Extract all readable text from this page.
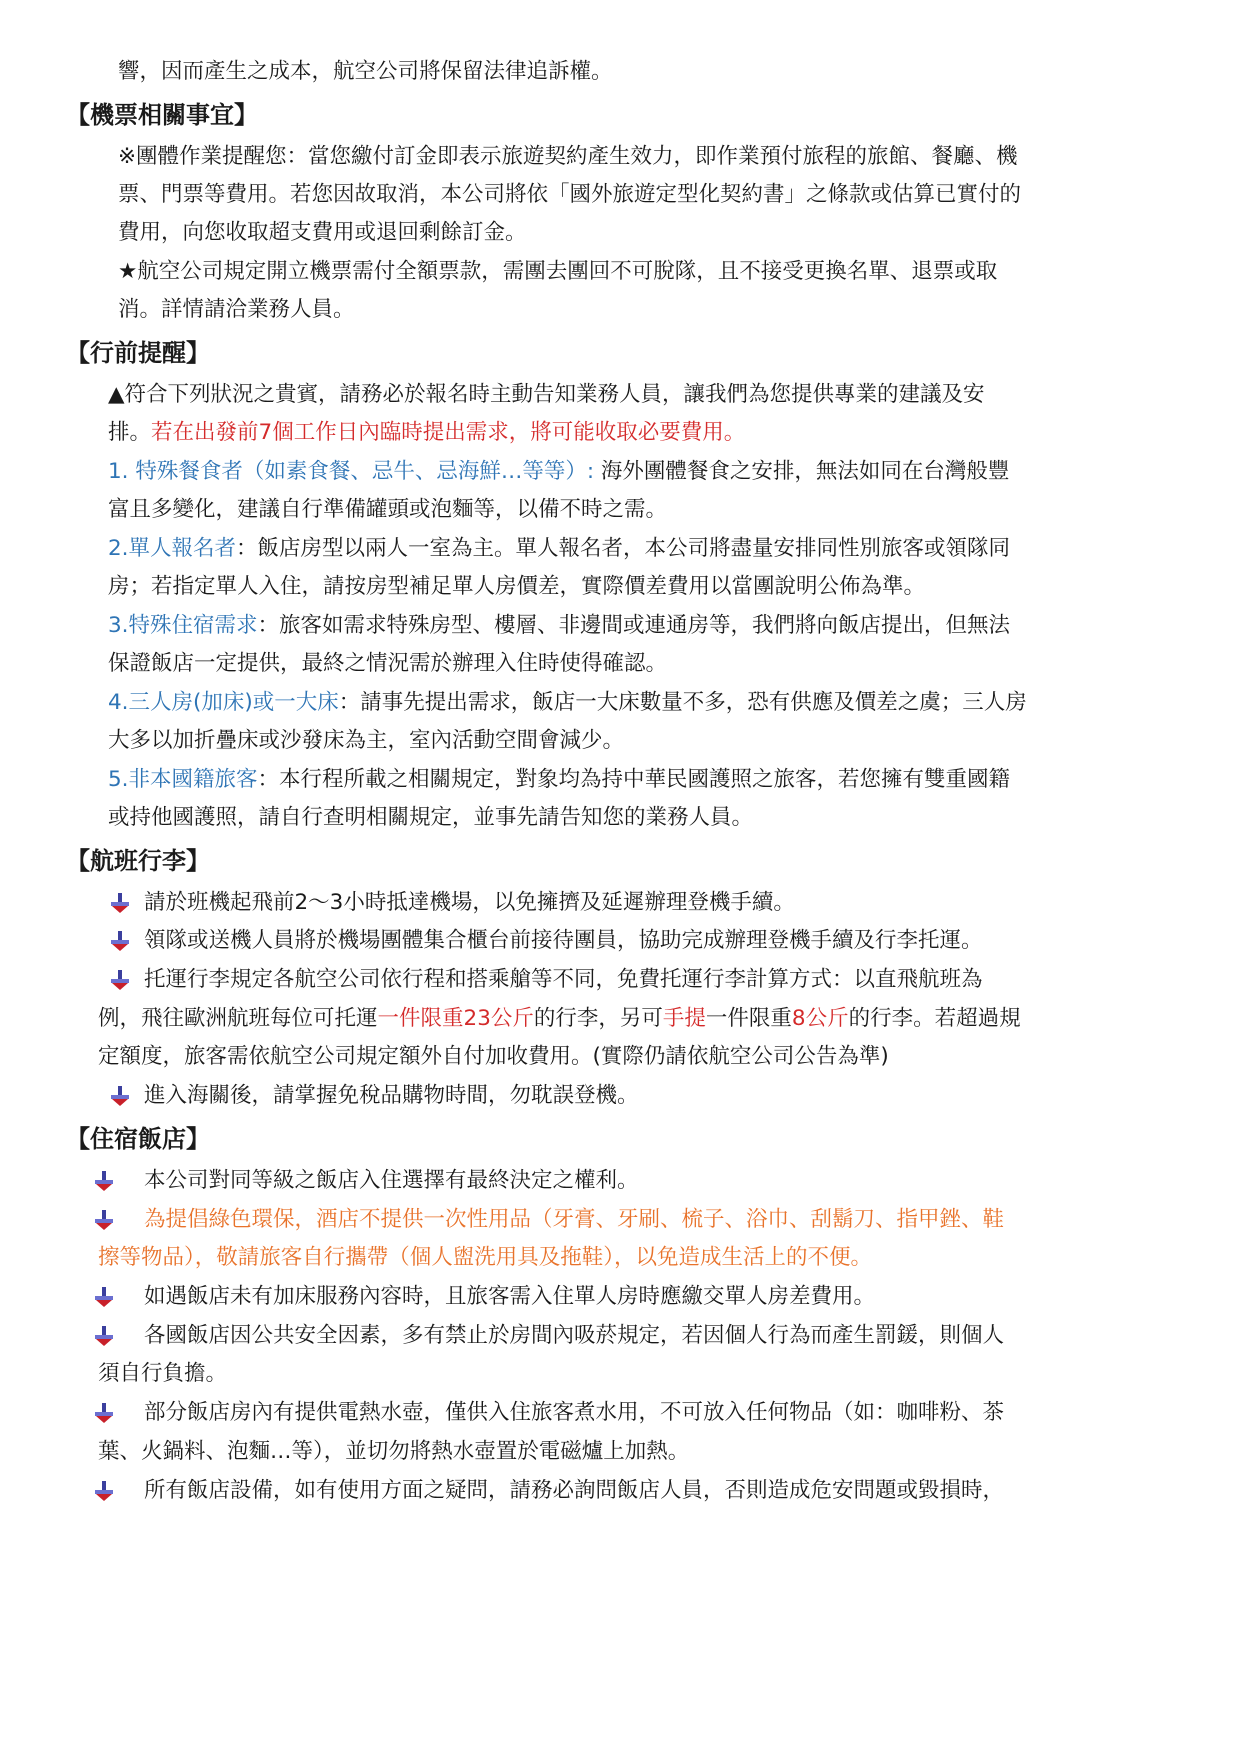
響，因而產生之成本，航空公司將保留法律追訴權。
【機票相關事宜】
※團體作業提醒您：當您繳付訂金即表示旅遊契約產生效力，即作業預付旅程的旅館、餐廳、機
票、門票等費用。若您因故取消，本公司將依「國外旅遊定型化契約書」之條款或估算已實付的
費用，向您收取超支費用或退回剩餘訂金。
★航空公司規定開立機票需付全額票款，需團去團回不可脫隊，且不接受更換名單、退票或取
消。詳情請洽業務人員。
【行前提醒】
▲符合下列狀況之貴賓，請務必於報名時主動告知業務人員，讓我們為您提供專業的建議及安
排。若在出發前7個工作日內臨時提出需求，將可能收取必要費用。
1. 特殊餐食者（如素食餐、忌牛、忌海鮮…等等）: 海外團體餐食之安排，無法如同在台灣般豐
富且多變化，建議自行準備罐頭或泡麵等，以備不時之需。
2.單人報名者：飯店房型以兩人一室為主。單人報名者，本公司將盡量安排同性別旅客或領隊同
房；若指定單人入住，請按房型補足單人房價差，實際價差費用以當團說明公佈為準。
3.特殊住宿需求：旅客如需求特殊房型、樓層、非邊間或連通房等，我們將向飯店提出，但無法
保證飯店一定提供，最終之情況需於辦理入住時使得確認。
4.三人房(加床)或一大床：請事先提出需求，飯店一大床數量不多，恐有供應及價差之虞；三人房
大多以加折疊床或沙發床為主，室內活動空間會減少。
5.非本國籍旅客：本行程所載之相關規定，對象均為持中華民國護照之旅客，若您擁有雙重國籍
或持他國護照，請自行查明相關規定，並事先請告知您的業務人員。
【航班行李】
請於班機起飛前2～3小時抵達機場，以免擁擠及延遲辦理登機手續。
領隊或送機人員將於機場團體集合櫃台前接待團員，協助完成辦理登機手續及行李托運。
托運行李規定各航空公司依行程和搭乘艙等不同，免費托運行李計算方式：以直飛航班為
例，飛往歐洲航班每位可托運一件限重23公斤的行李，另可手提一件限重8公斤的行李。若超過規
定額度，旅客需依航空公司規定額外自付加收費用。(實際仍請依航空公司公告為準)
進入海關後，請掌握免稅品購物時間，勿耽誤登機。
【住宿飯店】
本公司對同等級之飯店入住選擇有最終決定之權利。
為提倡綠色環保，酒店不提供一次性用品（牙膏、牙刷、梳子、浴巾、刮鬍刀、指甲銼、鞋
擦等物品），敬請旅客自行攜帶（個人盥洗用具及拖鞋），以免造成生活上的不便。
如遇飯店未有加床服務內容時，且旅客需入住單人房時應繳交單人房差費用。
各國飯店因公共安全因素，多有禁止於房間內吸菸規定，若因個人行為而產生罰鍰，則個人
須自行負擔。
部分飯店房內有提供電熱水壺，僅供入住旅客煮水用，不可放入任何物品（如：咖啡粉、茶
葉、火鍋料、泡麵…等），並切勿將熱水壺置於電磁爐上加熱。
所有飯店設備，如有使用方面之疑問，請務必詢問飯店人員，否則造成危安問題或毀損時，
